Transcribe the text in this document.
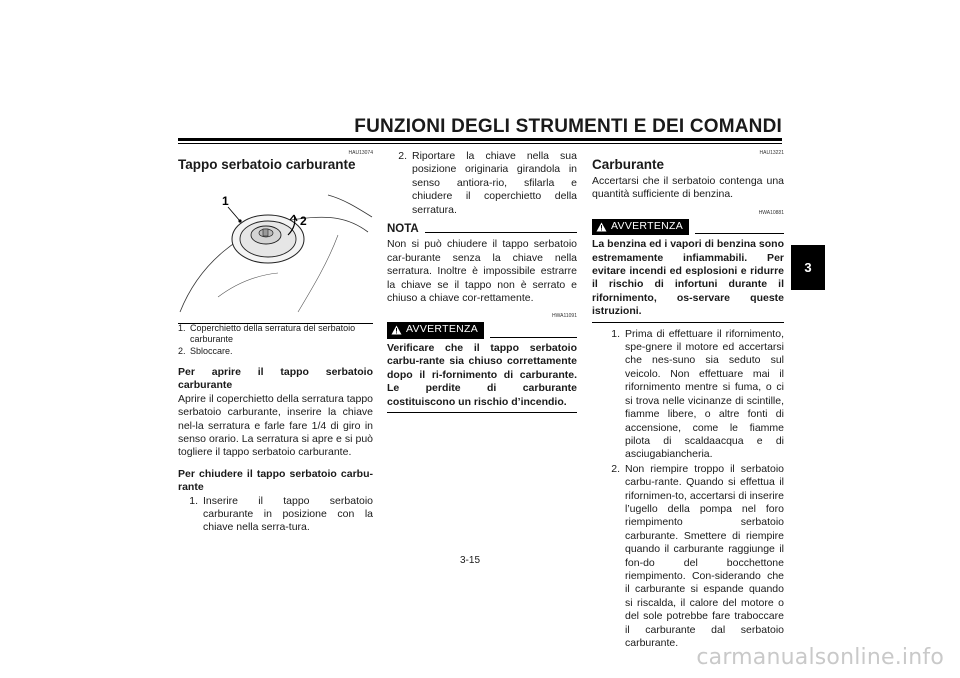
FUNZIONI DEGLI STRUMENTI E DEI COMANDI
3
HAU13074
Tappo serbatoio carburante
1
2
1. Coperchietto della serratura del serbatoio carburante
2. Sbloccare.

Per aprire il tappo serbatoio carburante

Aprire il coperchietto della serratura tappo serbatoio carburante, inserire la chiave nel-la serratura e farle fare 1/4 di giro in senso orario. La serratura si apre e si può togliere il tappo serbatoio carburante.

Per chiudere il tappo serbatoio carbu-rante

1. Inserire il tappo serbatoio carburante in posizione con la chiave nella serra-tura.
2. Riportare la chiave nella sua posizione originaria girandola in senso antiora-rio, sfilarla e chiudere il coperchietto della serratura.
NOTA

Non si può chiudere il tappo serbatoio car-burante senza la chiave nella serratura. Inoltre è impossibile estrarre la chiave se il tappo non è serrato e chiuso a chiave cor-rettamente.

HWA11091
AVVERTENZA
Verificare che il tappo serbatoio carbu-rante sia chiuso correttamente dopo il ri-fornimento di carburante. Le perdite di carburante costituiscono un rischio d’incendio.
HAU13221
Carburante

Accertarsi che il serbatoio contenga una quantità sufficiente di benzina.

HWA10881
AVVERTENZA
La benzina ed i vapori di benzina sono estremamente infiammabili. Per evitare incendi ed esplosioni e ridurre il rischio di infortuni durante il rifornimento, os-servare queste istruzioni.
1. Prima di effettuare il rifornimento, spe-gnere il motore ed accertarsi che nes-suno sia seduto sul veicolo. Non effettuare mai il rifornimento mentre si fuma, o ci si trova nelle vicinanze di scintille, fiamme libere, o altre fonti di accensione, come le fiamme pilota di scaldaacqua e di asciugabiancheria.
2. Non riempire troppo il serbatoio carbu-rante. Quando si effettua il rifornimen-to, accertarsi di inserire l’ugello della pompa nel foro riempimento serbatoio carburante. Smettere di riempire quando il carburante raggiunge il fon-do del bocchettone riempimento. Con-siderando che il carburante si espande quando si riscalda, il calore del motore o del sole potrebbe fare traboccare il carburante dal serbatoio carburante.
3-15
carmanualsonline.info
